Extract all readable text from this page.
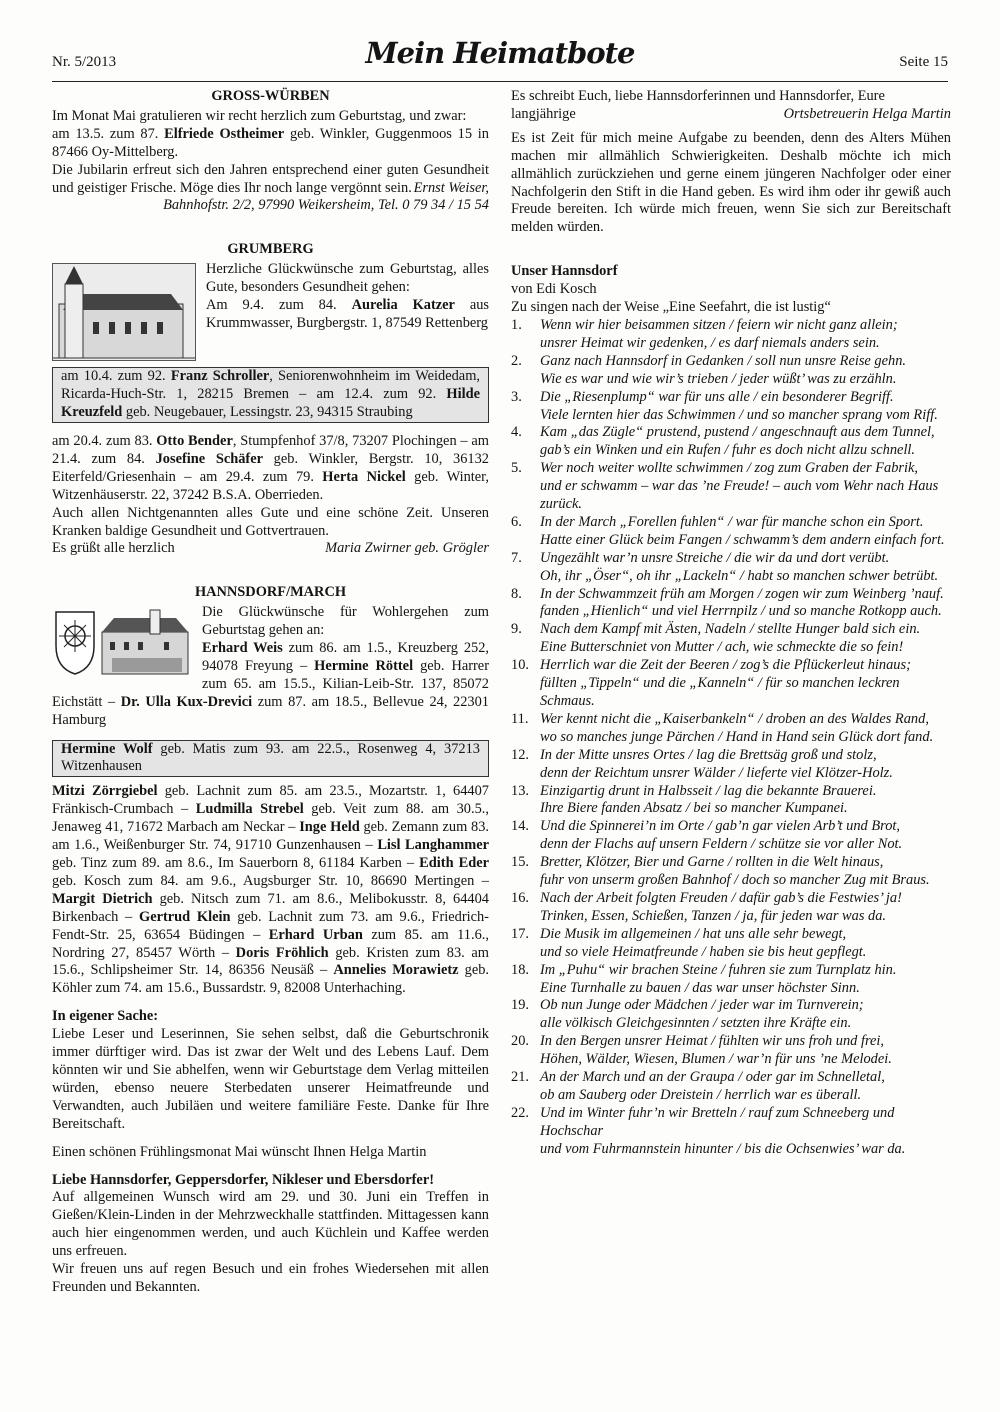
Nr. 5/2013	Mein Heimatbote	Seite 15

GROSS-WÜRBEN

Im Monat Mai gratulieren wir recht herzlich zum Geburtstag, und zwar:

am 13.5. zum 87. Elfriede Ostheimer geb. Winkler, Guggenmoos 15 in 87466 Oy-Mittelberg.

Die Jubilarin erfreut sich den Jahren entsprechend einer guten Gesundheit und geistiger Frische. Möge dies Ihr noch lange vergönnt sein. Ernst Weiser,

Bahnhofstr. 2/2, 97990 Weikersheim, Tel. 0 79 34 / 15 54

GRUMBERG

Herzliche Glückwünsche zum Geburtstag, alles Gute, besonders Gesundheit gehen:

Am 9.4. zum 84. Aurelia Katzer aus Krummwasser, Burgbergstr. 1, 87549 Rettenberg

am 10.4. zum 92. Franz Schroller, Seniorenwohnheim im Weidedam, Ricarda-Huch-Str. 1, 28215 Bremen – am 12.4. zum 92. Hilde Kreuzfeld geb. Neugebauer, Lessingstr. 23, 94315 Straubing

am 20.4. zum 83. Otto Bender, Stumpfenhof 37/8, 73207 Plochingen – am 21.4. zum 84. Josefine Schäfer geb. Winkler, Bergstr. 10, 36132 Eiterfeld/Griesenhain – am 29.4. zum 79. Herta Nickel geb. Winter, Witzenhäuserstr. 22, 37242 B.S.A. Oberrieden.

Auch allen Nichtgenannten alles Gute und eine schöne Zeit. Unseren Kranken baldige Gesundheit und Gottvertrauen.

Es grüßt alle herzlich	Maria Zwirner geb. Grögler

HANNSDORF/MARCH

Die Glückwünsche für Wohlergehen zum Geburtstag gehen an:

Erhard Weis zum 86. am 1.5., Kreuzberg 252, 94078 Freyung – Hermine Röttel geb. Harrer zum 65. am 15.5., Kilian-Leib-Str. 137, 85072 Eichstätt – Dr. Ulla Kux-Drevici zum 87. am 18.5., Bellevue 24, 22301 Hamburg

Hermine Wolf geb. Matis zum 93. am 22.5., Rosenweg 4, 37213 Witzenhausen

Mitzi Zörrgiebel geb. Lachnit zum 85. am 23.5., Mozartstr. 1, 64407 Fränkisch-Crumbach – Ludmilla Strebel geb. Veit zum 88. am 30.5., Jenaweg 41, 71672 Marbach am Neckar – Inge Held geb. Zemann zum 83. am 1.6., Weißenburger Str. 74, 91710 Gunzenhausen – Lisl Langhammer geb. Tinz zum 89. am 8.6., Im Sauerborn 8, 61184 Karben – Edith Eder geb. Kosch zum 84. am 9.6., Augsburger Str. 10, 86690 Mertingen – Margit Dietrich geb. Nitsch zum 71. am 8.6., Melibokusstr. 8, 64404 Birkenbach – Gertrud Klein geb. Lachnit zum 73. am 9.6., Friedrich-Fendt-Str. 25, 63654 Büdingen – Erhard Urban zum 85. am 11.6., Nordring 27, 85457 Wörth – Doris Fröhlich geb. Kristen zum 83. am 15.6., Schlipsheimer Str. 14, 86356 Neusäß – Annelies Morawietz geb. Köhler zum 74. am 15.6., Bussardstr. 9, 82008 Unterhaching.

In eigener Sache:

Liebe Leser und Leserinnen, Sie sehen selbst, daß die Geburtschronik immer dürftiger wird. Das ist zwar der Welt und des Lebens Lauf. Dem könnten wir und Sie abhelfen, wenn wir Geburtstage dem Verlag mitteilen würden, ebenso neuere Sterbedaten unserer Heimatfreunde und Verwandten, auch Jubiläen und weitere familiäre Feste. Danke für Ihre Bereitschaft.

Einen schönen Frühlingsmonat Mai wünscht Ihnen Helga Martin

Liebe Hannsdorfer, Geppersdorfer, Nikleser und Ebersdorfer!

Auf allgemeinen Wunsch wird am 29. und 30. Juni ein Treffen in Gießen/Klein-Linden in der Mehrzweckhalle stattfinden. Mittagessen kann auch hier eingenommen werden, und auch Küchlein und Kaffee werden uns erfreuen.

Wir freuen uns auf regen Besuch und ein frohes Wiedersehen mit allen Freunden und Bekannten.

Es schreibt Euch, liebe Hannsdorferinnen und Hannsdorfer, Eure

langjährige	Ortsbetreuerin Helga Martin

Es ist Zeit für mich meine Aufgabe zu beenden, denn des Alters Mühen machen mir allmählich Schwierigkeiten. Deshalb möchte ich mich allmählich zurückziehen und gerne einem jüngeren Nachfolger oder einer Nachfolgerin den Stift in die Hand geben. Es wird ihm oder ihr gewiß auch Freude bereiten. Ich würde mich freuen, wenn Sie sich zur Bereitschaft melden würden.

Unser Hannsdorf

von Edi Kosch

Zu singen nach der Weise „Eine Seefahrt, die ist lustig“

1. Wenn wir hier beisammen sitzen / feiern wir nicht ganz allein;
unsrer Heimat wir gedenken, / es darf niemals anders sein.
2. Ganz nach Hannsdorf in Gedanken / soll nun unsre Reise gehn.
Wie es war und wie wir’s trieben / jeder wüßt’ was zu erzähln.
3. Die „Riesenplump“ war für uns alle / ein besonderer Begriff.
Viele lernten hier das Schwimmen / und so mancher sprang vom Riff.
4. Kam „das Zügle“ prustend, pustend / angeschnauft aus dem Tunnel,
gab’s ein Winken und ein Rufen / fuhr es doch nicht allzu schnell.
5. Wer noch weiter wollte schwimmen / zog zum Graben der Fabrik,
und er schwamm – war das ’ne Freude! – auch vom Wehr nach Haus zurück.
6. In der March „Forellen fuhlen“ / war für manche schon ein Sport.
Hatte einer Glück beim Fangen / schwamm’s dem andern einfach fort.
7. Ungezählt war’n unsre Streiche / die wir da und dort verübt.
Oh, ihr „Öser“, oh ihr „Lackeln“ / habt so manchen schwer betrübt.
8. In der Schwammzeit früh am Morgen / zogen wir zum Weinberg ’nauf.
fanden „Hienlich“ und viel Herrnpilz / und so manche Rotkopp auch.
9. Nach dem Kampf mit Ästen, Nadeln / stellte Hunger bald sich ein.
Eine Butterschniet von Mutter / ach, wie schmeckte die so fein!
10. Herrlich war die Zeit der Beeren / zog’s die Pflückerleut hinaus;
füllten „Tippeln“ und die „Kanneln“ / für so manchen leckren Schmaus.
11. Wer kennt nicht die „Kaiserbankeln“ / droben an des Waldes Rand,
wo so manches junge Pärchen / Hand in Hand sein Glück dort fand.
12. In der Mitte unsres Ortes / lag die Brettsäg groß und stolz,
denn der Reichtum unsrer Wälder / lieferte viel Klötzer-Holz.
13. Einzigartig drunt in Halbsseit / lag die bekannte Brauerei.
Ihre Biere fanden Absatz / bei so mancher Kumpanei.
14. Und die Spinnerei’n im Orte / gab’n gar vielen Arb’t und Brot,
denn der Flachs auf unsern Feldern / schütze sie vor aller Not.
15. Bretter, Klötzer, Bier und Garne / rollten in die Welt hinaus,
fuhr von unserm großen Bahnhof / doch so mancher Zug mit Braus.
16. Nach der Arbeit folgten Freuden / dafür gab’s die Festwies’ ja!
Trinken, Essen, Schießen, Tanzen / ja, für jeden war was da.
17. Die Musik im allgemeinen / hat uns alle sehr bewegt,
und so viele Heimatfreunde / haben sie bis heut gepflegt.
18. Im „Puhu“ wir brachen Steine / fuhren sie zum Turnplatz hin.
Eine Turnhalle zu bauen / das war unser höchster Sinn.
19. Ob nun Junge oder Mädchen / jeder war im Turnverein;
alle völkisch Gleichgesinnten / setzten ihre Kräfte ein.
20. In den Bergen unsrer Heimat / fühlten wir uns froh und frei,
Höhen, Wälder, Wiesen, Blumen / war’n für uns ’ne Melodei.
21. An der March und an der Graupa / oder gar im Schnelletal,
ob am Sauberg oder Dreistein / herrlich war es überall.
22. Und im Winter fuhr’n wir Bretteln / rauf zum Schneeberg und Hochschar
und vom Fuhrmannstein hinunter / bis die Ochsenwies’ war da.
